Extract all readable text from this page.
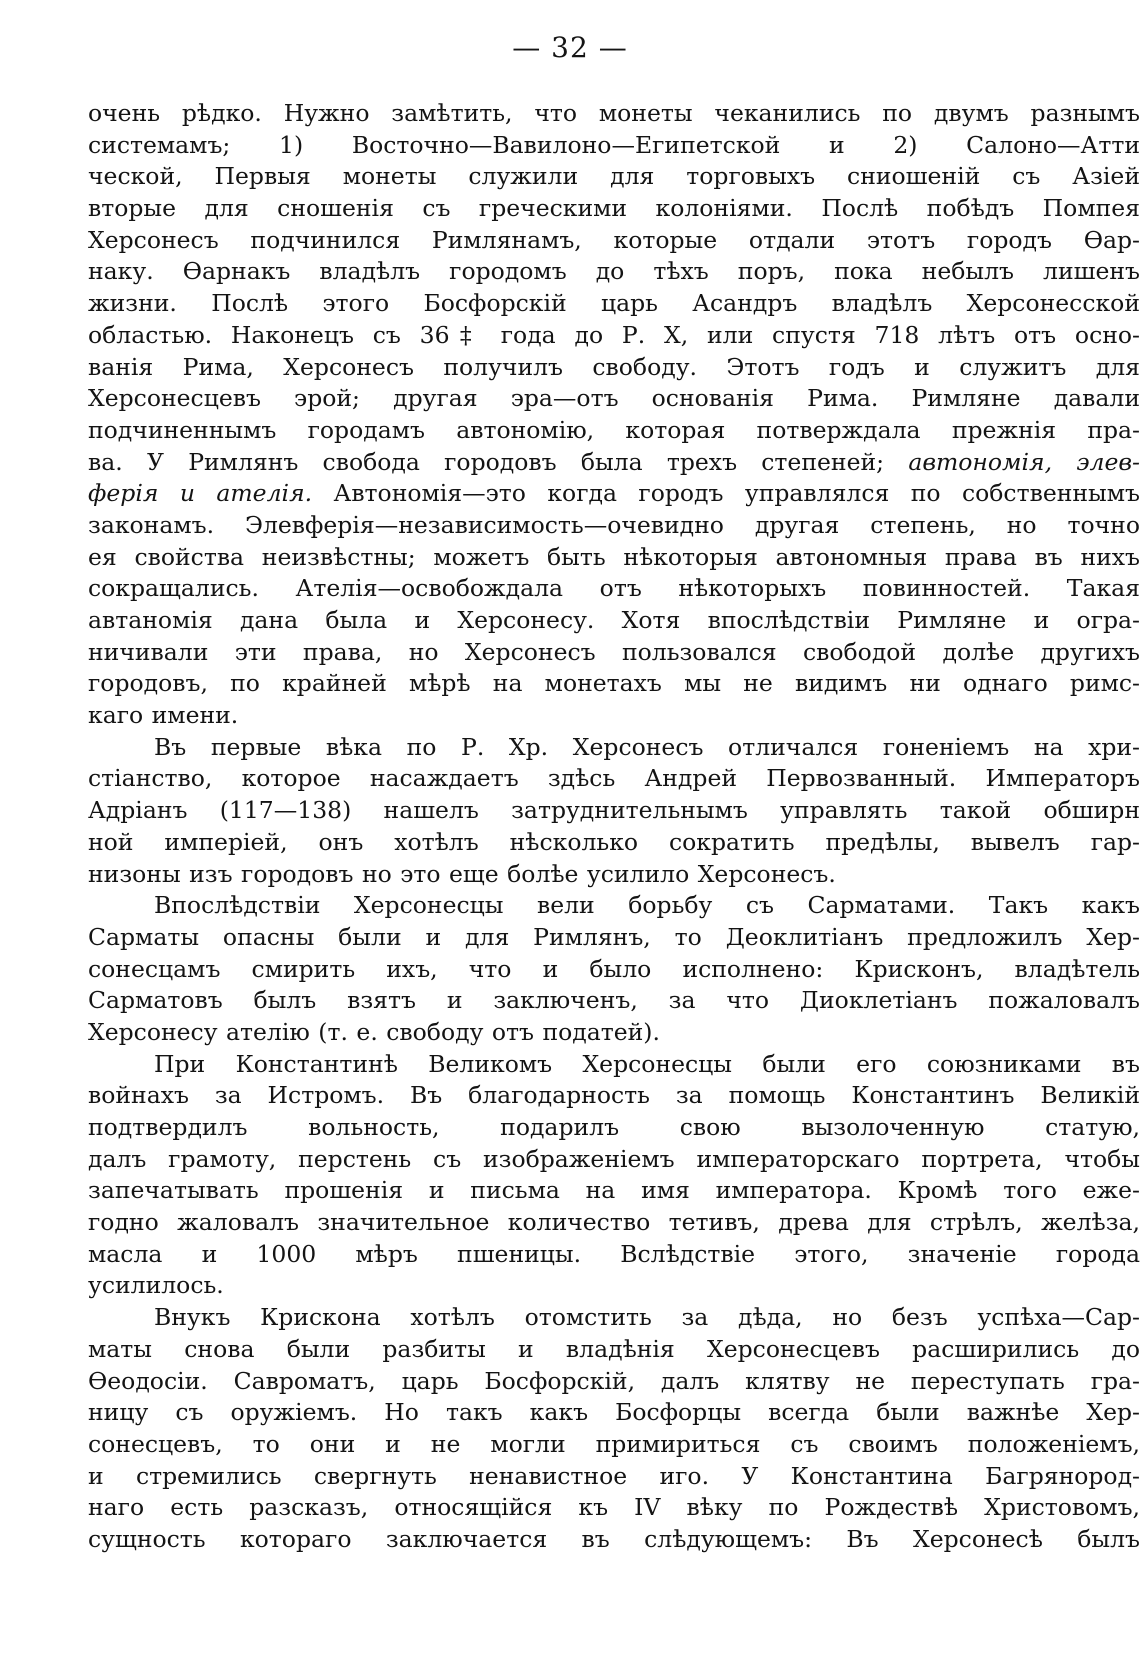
— 32 —
очень рѣдко. Нужно замѣтить, что монеты чеканились по двумъ разнымъ
системамъ; 1) Восточно—Вавилоно—Египетской и 2) Салоно—Атти
ческой, Первыя монеты служили для торговыхъ сниошеній съ Азіей
вторые для сношенія съ греческими колоніями. Послѣ побѣдъ Помпея
Херсонесъ подчинился Римлянамъ, которые отдали этотъ городъ Ѳар-
наку. Ѳарнакъ владѣлъ городомъ до тѣхъ поръ, пока небылъ лишенъ
жизни. Послѣ этого Босфорскій царь Асандръ владѣлъ Херсонесской
областью. Наконецъ съ 36‡ года до Р. Х, или спустя 718 лѣтъ отъ осно-
ванія Рима, Херсонесъ получилъ свободу. Этотъ годъ и служитъ для
Херсонесцевъ эрой; другая эра—отъ основанія Рима. Римляне давали
подчиненнымъ городамъ автономію, которая потверждала прежнія пра-
ва. У Римлянъ свобода городовъ была трехъ степеней; автономія, элев-
ферія и ателія. Автономія—это когда городъ управлялся по собственнымъ
законамъ. Элевферія—независимость—очевидно другая степень, но точно
ея свойства неизвѣстны; можетъ быть нѣкоторыя автономныя права въ нихъ
сокращались. Ателія—освобождала отъ нѣкоторыхъ повинностей. Такая
автаномія дана была и Херсонесу. Хотя впослѣдствіи Римляне и огра-
ничивали эти права, но Херсонесъ пользовался свободой долѣе другихъ
городовъ, по крайней мѣрѣ на монетахъ мы не видимъ ни однаго римс-
каго имени.
Въ первые вѣка по Р. Хр. Херсонесъ отличался гоненіемъ на хри-
стіанство, которое насаждаетъ здѣсь Андрей Первозванный. Императоръ
Адріанъ (117—138) нашелъ затруднительнымъ управлять такой обширн
ной имперіей, онъ хотѣлъ нѣсколько сократить предѣлы, вывелъ гар-
низоны изъ городовъ но это еще болѣе усилило Херсонесъ.
Впослѣдствіи Херсонесцы вели борьбу съ Сарматами. Такъ какъ
Сарматы опасны были и для Римлянъ, то Деоклитіанъ предложилъ Хер-
сонесцамъ смирить ихъ, что и было исполнено: Крисконъ, владѣтель
Сарматовъ былъ взятъ и заключенъ, за что Диоклетіанъ пожаловалъ
Херсонесу ателію (т. е. свободу отъ податей).
При Константинѣ Великомъ Херсонесцы были его союзниками въ
войнахъ за Истромъ. Въ благодарность за помощь Константинъ Великій
подтвердилъ вольность, подарилъ свою вызолоченную статую,
далъ грамоту, перстень съ изображеніемъ императорскаго портрета, чтобы
запечатывать прошенія и письма на имя императора. Кромѣ того еже-
годно жаловалъ значительное количество тетивъ, древа для стрѣлъ, желѣза,
масла и 1000 мѣръ пшеницы. Вслѣдствіе этого, значеніе города
усилилось.
Внукъ Крискона хотѣлъ отомстить за дѣда, но безъ успѣха—Сар-
маты снова были разбиты и владѣнія Херсонесцевъ расширились до
Ѳеодосіи. Савроматъ, царь Босфорскій, далъ клятву не переступать гра-
ницу съ оружіемъ. Но такъ какъ Босфорцы всегда были важнѣе Хер-
сонесцевъ, то они и не могли примириться съ своимъ положеніемъ,
и стремились свергнуть ненавистное иго. У Константина Багрянород-
наго есть разсказъ, относящійся къ IV вѣку по Рождествѣ Христовомъ,
сущность котораго заключается въ слѣдующемъ: Въ Херсонесѣ былъ
